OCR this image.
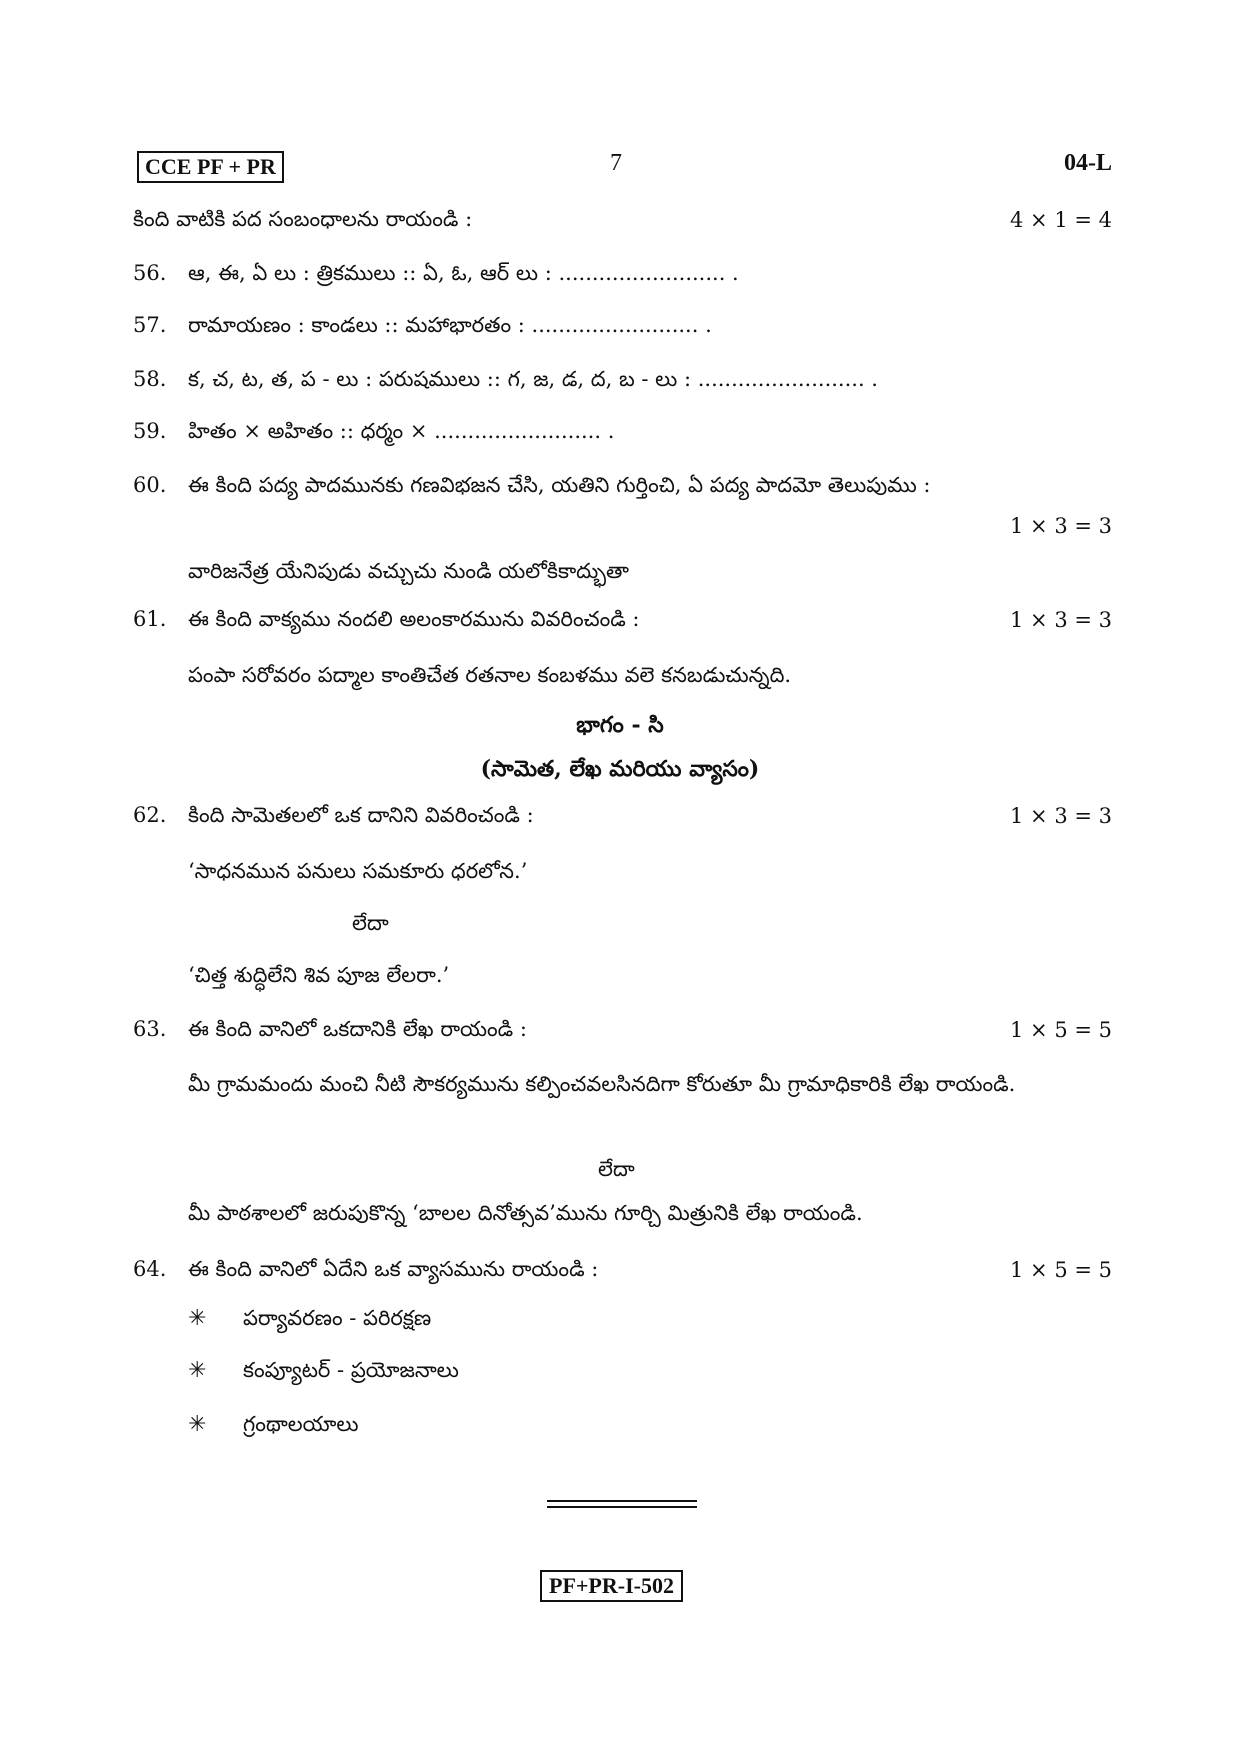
CCE PF + PR	7	04-L
కింది వాటికి పద సంబంధాలను రాయండి :	4 × 1 = 4
56.	ఆ, ఈ, ఏ లు : త్రికములు :: ఏ, ఓ, ఆర్ లు : ......................... .
57.	రామాయణం : కాండలు :: మహాభారతం : ......................... .
58.	క, చ, ట, త, ప - లు : పరుషములు :: గ, జ, డ, ద, బ - లు : ......................... .
59.	హితం × అహితం :: ధర్మం × ......................... .
60.	ఈ కింది పద్య పాదమునకు గణవిభజన చేసి, యతిని గుర్తించి, ఏ పద్య పాదమో తెలుపుము :
1 × 3 = 3
వారిజనేత్ర యేనిపుడు వచ్చుచు నుండి యలోకికాద్భుతా
61.	ఈ కింది వాక్యము నందలి అలంకారమును వివరించండి :	1 × 3 = 3
పంపా సరోవరం పద్మాల కాంతిచేత రతనాల కంబళము వలె కనబడుచున్నది.
భాగం - సి
(సామెత, లేఖ మరియు వ్యాసం)
62.	కింది సామెతలలో ఒక దానిని వివరించండి :	1 × 3 = 3
‘సాధనమున పనులు సమకూరు ధరలోన.’
లేదా
‘చిత్త శుద్ధిలేని శివ పూజ లేలరా.’
63.	ఈ కింది వానిలో ఒకదానికి లేఖ రాయండి :	1 × 5 = 5
మీ గ్రామమందు మంచి నీటి సౌకర్యమును కల్పించవలసినదిగా కోరుతూ మీ గ్రామాధికారికి లేఖ రాయండి.
లేదా
మీ పాఠశాలలో జరుపుకొన్న ‘బాలల దినోత్సవ’మును గూర్చి మిత్రునికి లేఖ రాయండి.
64.	ఈ కింది వానిలో ఏదేని ఒక వ్యాసమును రాయండి :	1 × 5 = 5
✳ పర్యావరణం - పరిరక్షణ
✳ కంప్యూటర్ - ప్రయోజనాలు
✳ గ్రంథాలయాలు
PF+PR-I-502
